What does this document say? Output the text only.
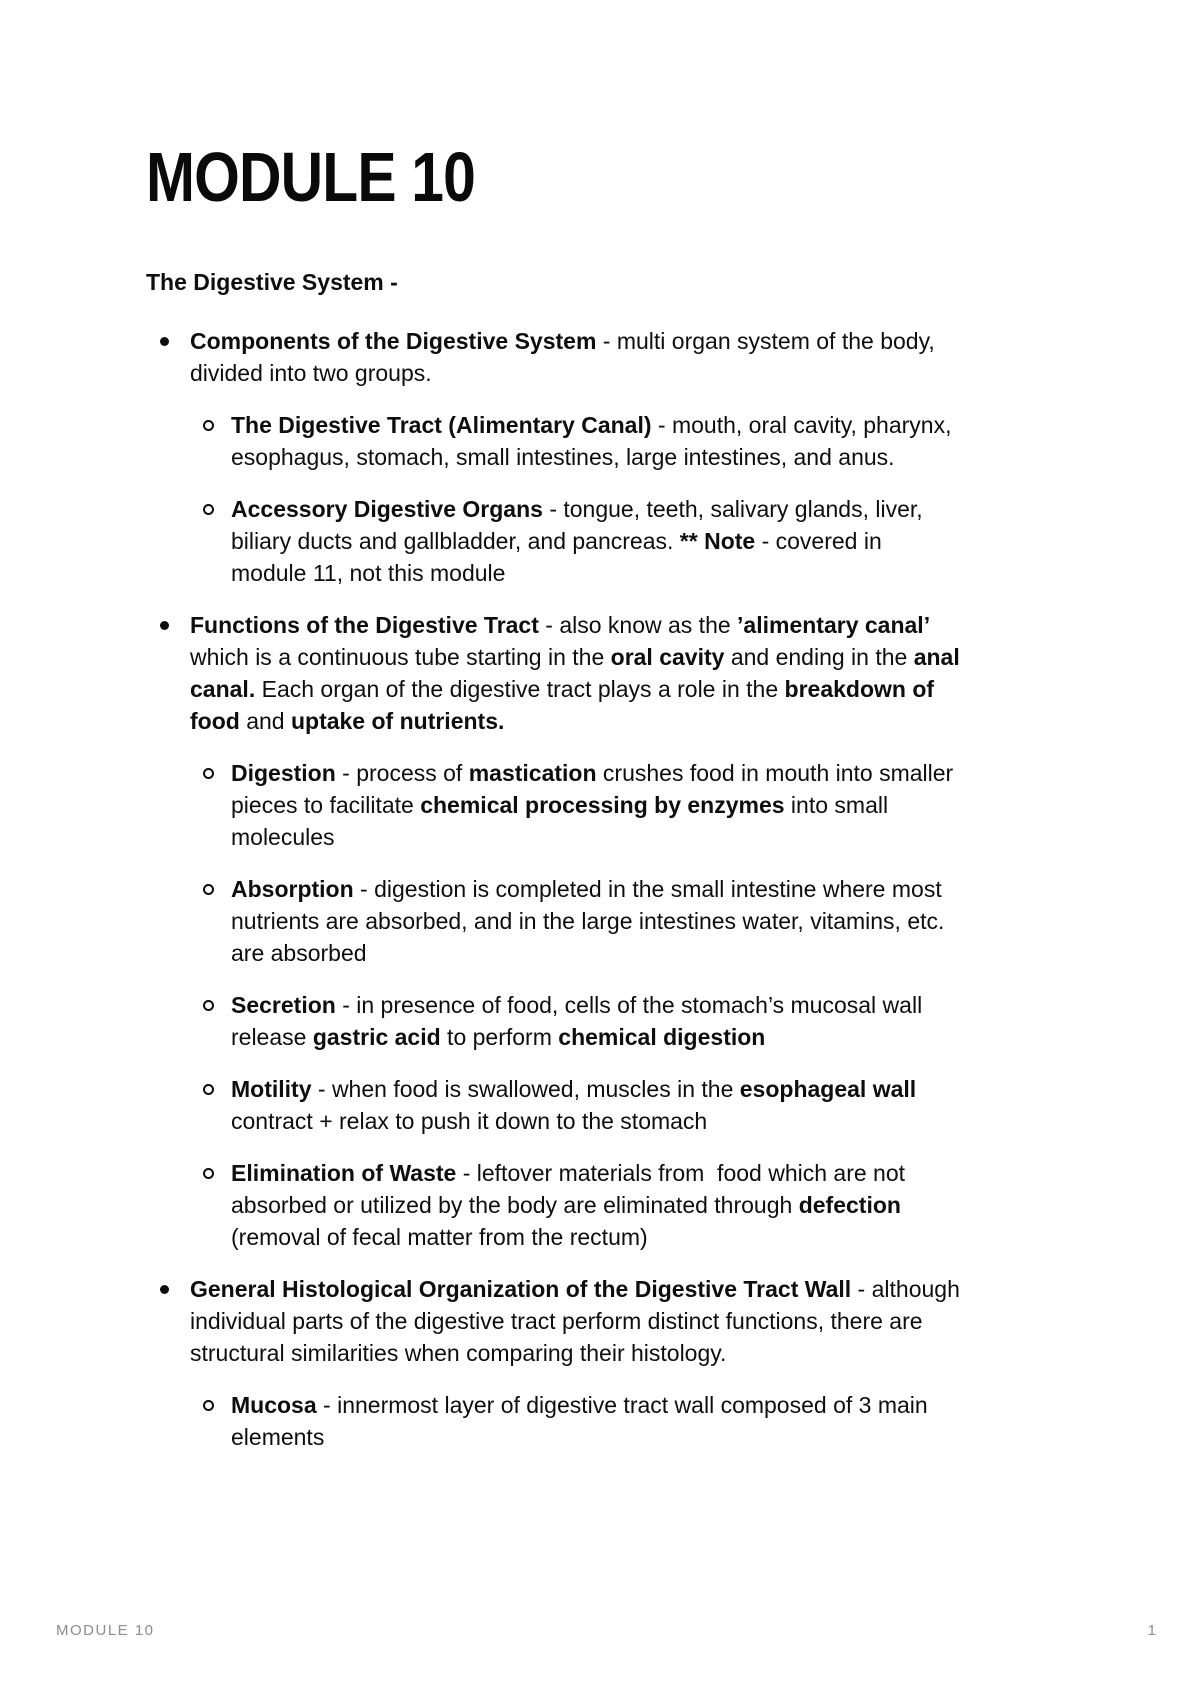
MODULE 10
The Digestive System -
Components of the Digestive System - multi organ system of the body,
divided into two groups.
The Digestive Tract (Alimentary Canal) - mouth, oral cavity, pharynx,
esophagus, stomach, small intestines, large intestines, and anus.
Accessory Digestive Organs - tongue, teeth, salivary glands, liver,
biliary ducts and gallbladder, and pancreas. ** Note - covered in
module 11, not this module
Functions of the Digestive Tract - also know as the ’alimentary canal’
which is a continuous tube starting in the oral cavity and ending in the anal
canal. Each organ of the digestive tract plays a role in the breakdown of
food and uptake of nutrients.
Digestion - process of mastication crushes food in mouth into smaller
pieces to facilitate chemical processing by enzymes into small
molecules
Absorption - digestion is completed in the small intestine where most
nutrients are absorbed, and in the large intestines water, vitamins, etc.
are absorbed
Secretion - in presence of food, cells of the stomach’s mucosal wall
release gastric acid to perform chemical digestion
Motility - when food is swallowed, muscles in the esophageal wall
contract + relax to push it down to the stomach
Elimination of Waste - leftover materials from  food which are not
absorbed or utilized by the body are eliminated through defection
(removal of fecal matter from the rectum)
General Histological Organization of the Digestive Tract Wall - although
individual parts of the digestive tract perform distinct functions, there are
structural similarities when comparing their histology.
Mucosa - innermost layer of digestive tract wall composed of 3 main
elements
MODULE 10	1
